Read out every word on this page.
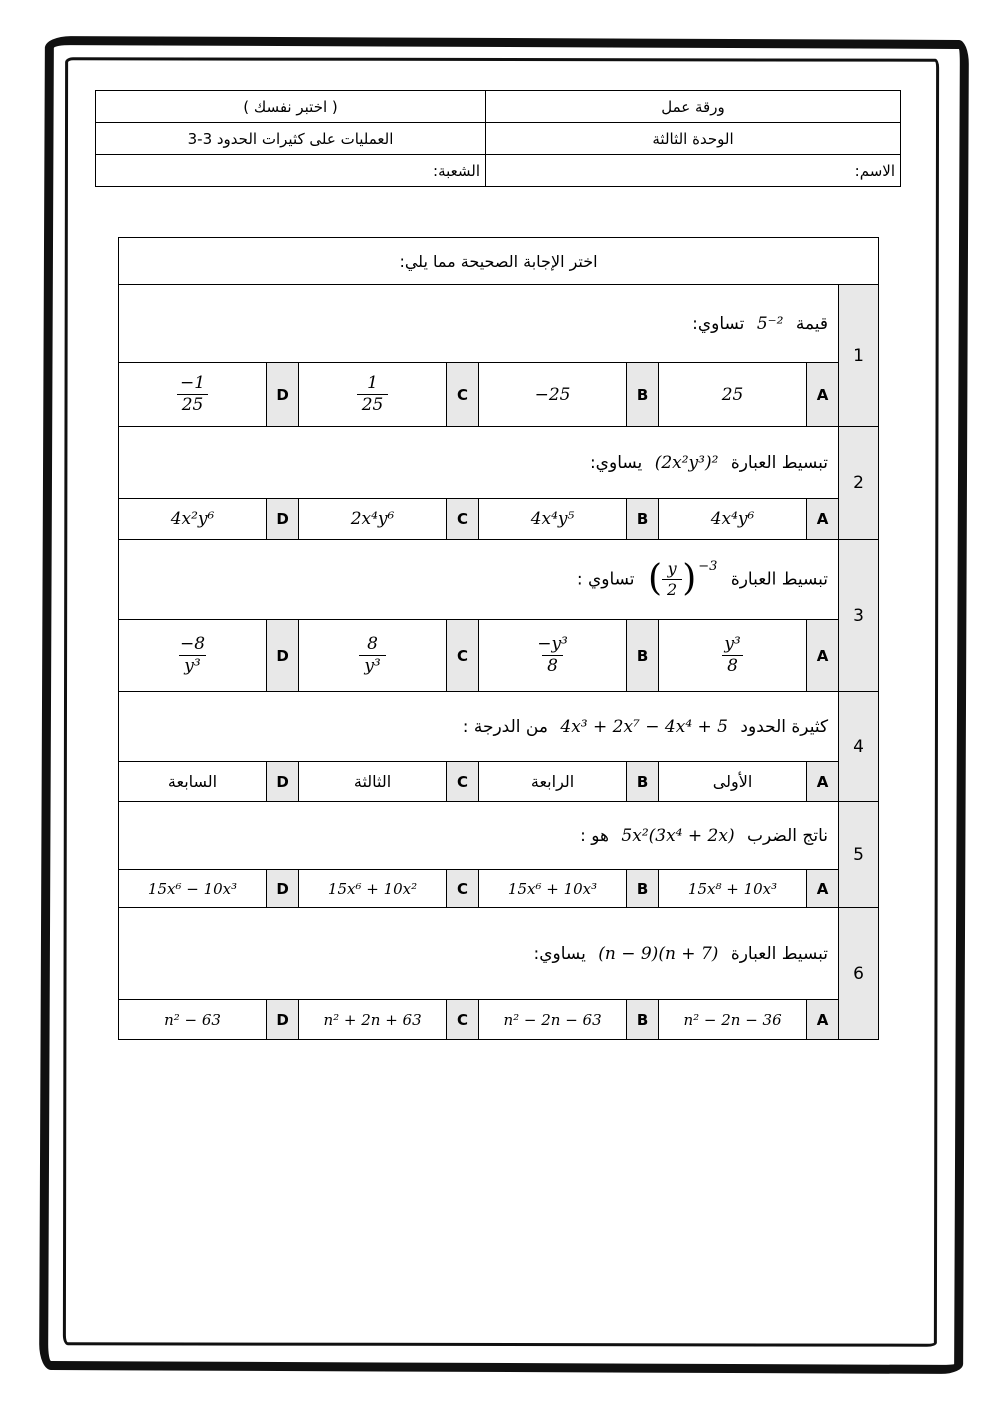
ورقة عمل	( اختبر نفسك )
الوحدة الثالثة	العمليات على كثيرات الحدود 3-3
الاسم:	الشعبة:
اختر الإجابة الصحيحة مما يلي:								
1	قيمة 5⁻² تساوي:							
	A	25	B	−25	C	$\frac{1}{25}$	D	$\frac{-1}{25}$

2	تبسيط العبارة (2x²y³)² يساوي:							
	A	4x⁴y⁶	B	4x⁴y⁵	C	2x⁴y⁶	D	4x²y⁶
3	تبسيط العبارة
( $\frac{y}{2}$ ) −3
تساوي :
	A	$\frac{\text{y³}}{8}$	B	$\frac{\text{−y³}}{8}$	C	$\frac{8}{\text{y³}}$	D	$\frac{-8}{\text{y³}}$

4	كثيرة الحدود 4x³ + 2x⁷ − 4x⁴ + 5 من الدرجة :							
	A	الأولى	B	الرابعة	C	الثالثة	D	السابعة
5	ناتج الضرب 5x²(3x⁴ + 2x) هو :							
	A	15x⁸ + 10x³	B	15x⁶ + 10x³	C	15x⁶ + 10x²	D	15x⁶ − 10x³
6	تبسيط العبارة (n − 9)(n + 7) يساوي:							
	A	n² − 2n − 36	B	n² − 2n − 63	C	n² + 2n + 63	D	n² − 63
